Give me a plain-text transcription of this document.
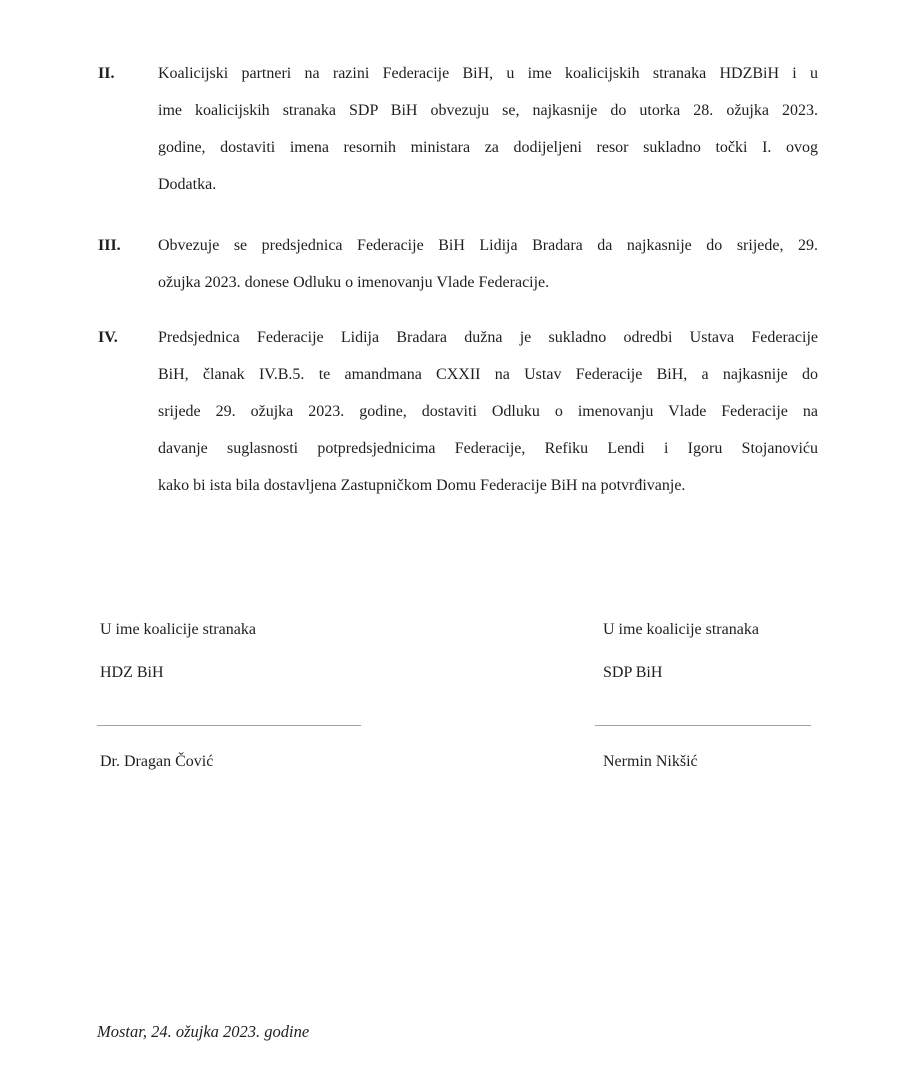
II.	Koalicijski partneri na razini Federacije BiH, u ime koalicijskih stranaka HDZBiH i u
ime koalicijskih stranaka SDP BiH obvezuju se, najkasnije do utorka 28. ožujka 2023.
godine, dostaviti imena resornih ministara za dodijeljeni resor sukladno točki I. ovog
Dodatka.
III.	Obvezuje se predsjednica Federacije BiH Lidija Bradara da najkasnije do srijede, 29.
ožujka 2023. donese Odluku o imenovanju Vlade Federacije.
IV.	Predsjednica Federacije Lidija Bradara dužna je sukladno odredbi Ustava Federacije
BiH, članak IV.B.5. te amandmana CXXII na Ustav Federacije BiH, a najkasnije do
srijede 29. ožujka 2023. godine, dostaviti Odluku o imenovanju Vlade Federacije na
davanje suglasnosti potpredsjednicima Federacije, Refiku Lendi i Igoru Stojanoviću
kako bi ista bila dostavljena Zastupničkom Domu Federacije BiH na potvrđivanje.
U ime koalicije stranaka
HDZ BiH
_________________________________
Dr. Dragan Čović
U ime koalicije stranaka
SDP BiH
___________________________
Nermin Nikšić
Mostar, 24. ožujka 2023. godine
